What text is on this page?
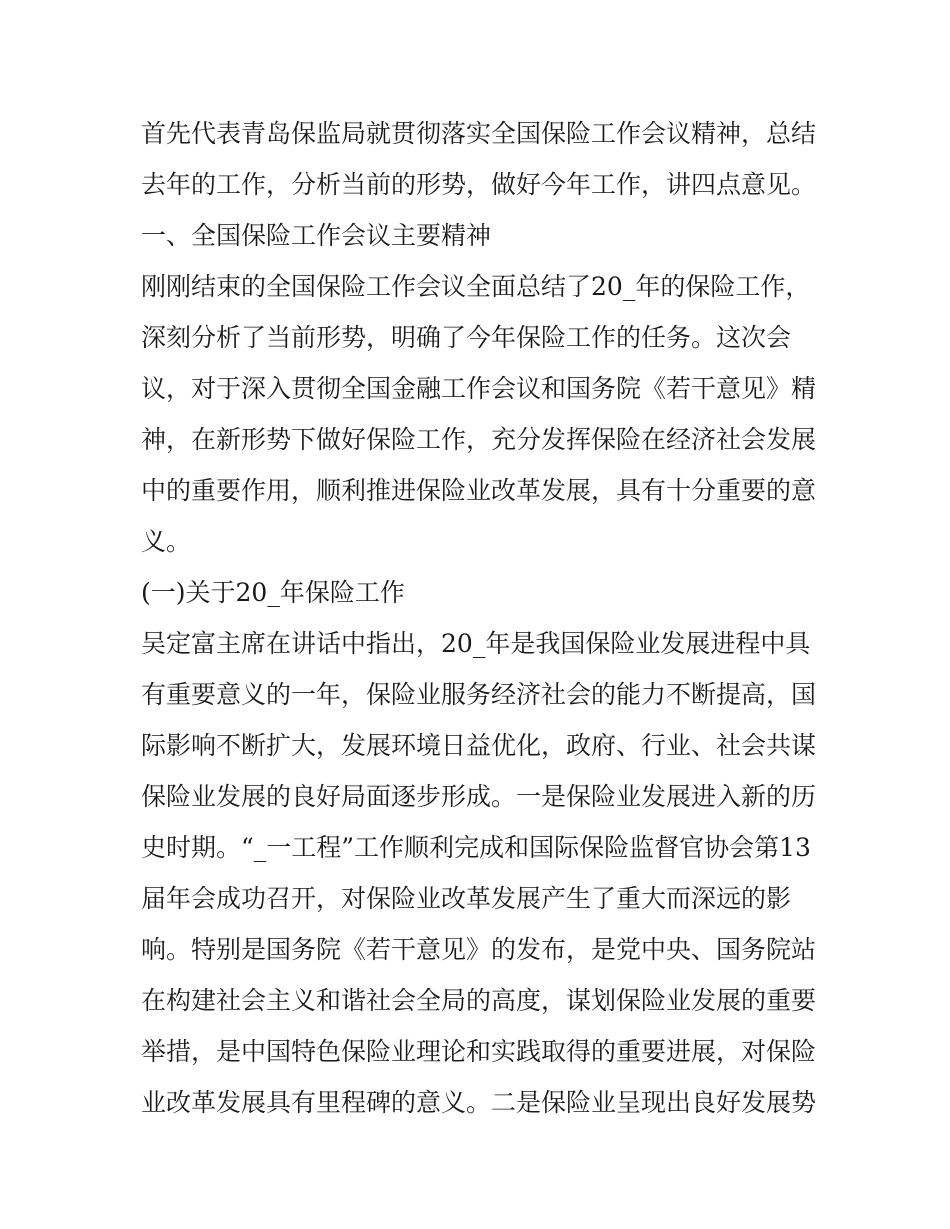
首先代表青岛保监局就贯彻落实全国保险工作会议精神，总结
去年的工作，分析当前的形势，做好今年工作，讲四点意见。
一、全国保险工作会议主要精神
刚刚结束的全国保险工作会议全面总结了20_年的保险工作，
深刻分析了当前形势，明确了今年保险工作的任务。这次会
议，对于深入贯彻全国金融工作会议和国务院《若干意见》精
神，在新形势下做好保险工作，充分发挥保险在经济社会发展
中的重要作用，顺利推进保险业改革发展，具有十分重要的意
义。
(一)关于20_年保险工作
吴定富主席在讲话中指出，20_年是我国保险业发展进程中具
有重要意义的一年，保险业服务经济社会的能力不断提高，国
际影响不断扩大，发展环境日益优化，政府、行业、社会共谋
保险业发展的良好局面逐步形成。一是保险业发展进入新的历
史时期。“_一工程”工作顺利完成和国际保险监督官协会第13
届年会成功召开，对保险业改革发展产生了重大而深远的影
响。特别是国务院《若干意见》的发布，是党中央、国务院站
在构建社会主义和谐社会全局的高度，谋划保险业发展的重要
举措，是中国特色保险业理论和实践取得的重要进展，对保险
业改革发展具有里程碑的意义。二是保险业呈现出良好发展势
